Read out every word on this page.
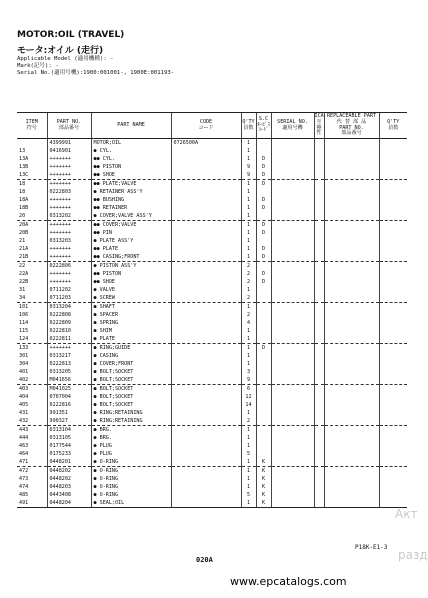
MOTOR:OIL (TRAVEL)
モータ:オイル (走行)
Applicable Model (適用機種): -
Mark(記号): -
Serial No.(適用号機):1900:001001-, 1900E:001193-
ITEM
符号	PART NO.
部品番号	PART NAME	CODE
コード	Q'TY
員数	S.C
ﾀｰﾋﾞｽ
ｺｰﾄﾞ	SERIAL NO.
適用号機	ICA
互
換
性	REPLACEABLE PART
代 替 部 品
PART NO.
部品番号	Q'TY
員数
	4399991	MOTOR;OIL	0726500A	1					
13	0416901	● CYL.		1					
13A	+++++++	●● CYL.		1	D				
13B	+++++++	●● PISTON		9	D				
13C	+++++++	●● SHOE		9	D				
18	+++++++	●● PLATE;VALVE		1	D				
18	0222803	● RETAINER ASS'Y		1					
18A	+++++++	●● BUSHING		1	D				
18B	+++++++	●● RETAINER		1	D				
20	0313202	● COVER;VALVE ASS'Y		1					
20A	+++++++	●● COVER;VALVE		1	D				
20B	+++++++	●● PIN		1	D				
21	0313203	● PLATE ASS'Y		1					
21A	+++++++	●● PLATE		1	D				
21B	+++++++	●● CASING;FRONT		1	D				
22	0222806	● PISTON ASS'Y		2					
22A	+++++++	●● PISTON		2	D				
22B	+++++++	●● SHOE		2	D				
31	0711202	● VALVE		1					
34	0711203	● SCREW		2					
101	0313204	● SHAFT		1					
106	0222808	● SPACER		2					
114	0222809	● SPRING		4					
115	0222810	● SHIM		1					
124	0222811	● PLATE		1					
133	+++++++	● RING;GUIDE		1	D				
301	0313217	● CASING		1					
304	0222813	● COVER;FRONT		1					
401	0313205	● BOLT;SOCKET		3					
402	M041656	● BOLT;SOCKET		9					
403	M041025	● BOLT;SOCKET		6					
404	0707004	● BOLT;SOCKET		12					
405	0222816	● BOLT;SOCKET		14					
431	991351	● RING;RETAINING		1					
432	990327	● RING;RETAINING		2					
443	0313104	● BRG.		1					
444	0313105	● BRG.		1					
463	0177544	● PLUG		1					
464	0175233	● PLUG		5					
471	0448201	● O-RING		1	K				
472	0448202	● O-RING		1	K				
473	0448202	● O-RING		1	K				
474	0448203	● O-RING		1	K				
485	0443408	● O-RING		5	K				
491	0448204	● SEAL;OIL		1	K				
P18K-E1-3
020A
Акт
разд
www.epcatalogs.com
